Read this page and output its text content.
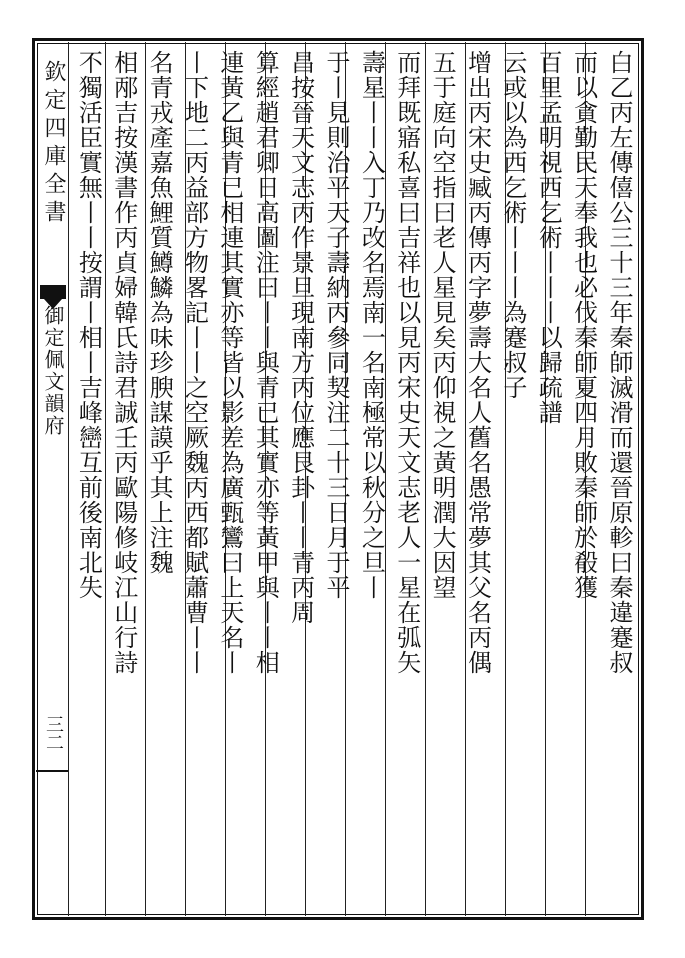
欽定四庫全書
御定佩文韻府
三二
白乙丙左傳僖公三十三年秦師滅滑而還晉原軫曰秦違蹇叔
而以貪勤民天奉我也必伐秦師夏四月敗秦師於殽獲
百里孟明視西乞術丨丨丨以歸疏譜
云或以為西乞術丨丨丨為蹇叔子
增出丙宋史臧丙傳丙字夢壽大名人舊名愚常夢其父名丙偶
五于庭向空指曰老人星見矣丙仰視之黃明潤大因望
而拜既寤私喜曰吉祥也以見丙宋史天文志老人一星在弧矢
壽星丨丨入丁乃改名焉南一名南極常以秋分之旦丨
于丨見則治平天子壽納丙參同契注二十三日月于平
昌按晉天文志丙作景旦現南方丙位應艮卦丨丨青丙周
算經趙君卿日高圖注曰丨丨與青已其實亦等黃甲與丨丨相
連黃乙與青已相連其實亦等皆以影差為廣甄鸞曰上天名丨
丨下地二丙益部方物畧記丨丨之空厥魏丙西都賦蕭曹丨丨
名青戎產嘉魚鯉質鱒鱗為味珍腴謀謨乎其上注魏
相邴吉按漢書作丙貞婦韓氏詩君誠壬丙歐陽修岐江山行詩
不獨活臣實無丨丨按謂丨相丨吉峰巒互前後南北失
